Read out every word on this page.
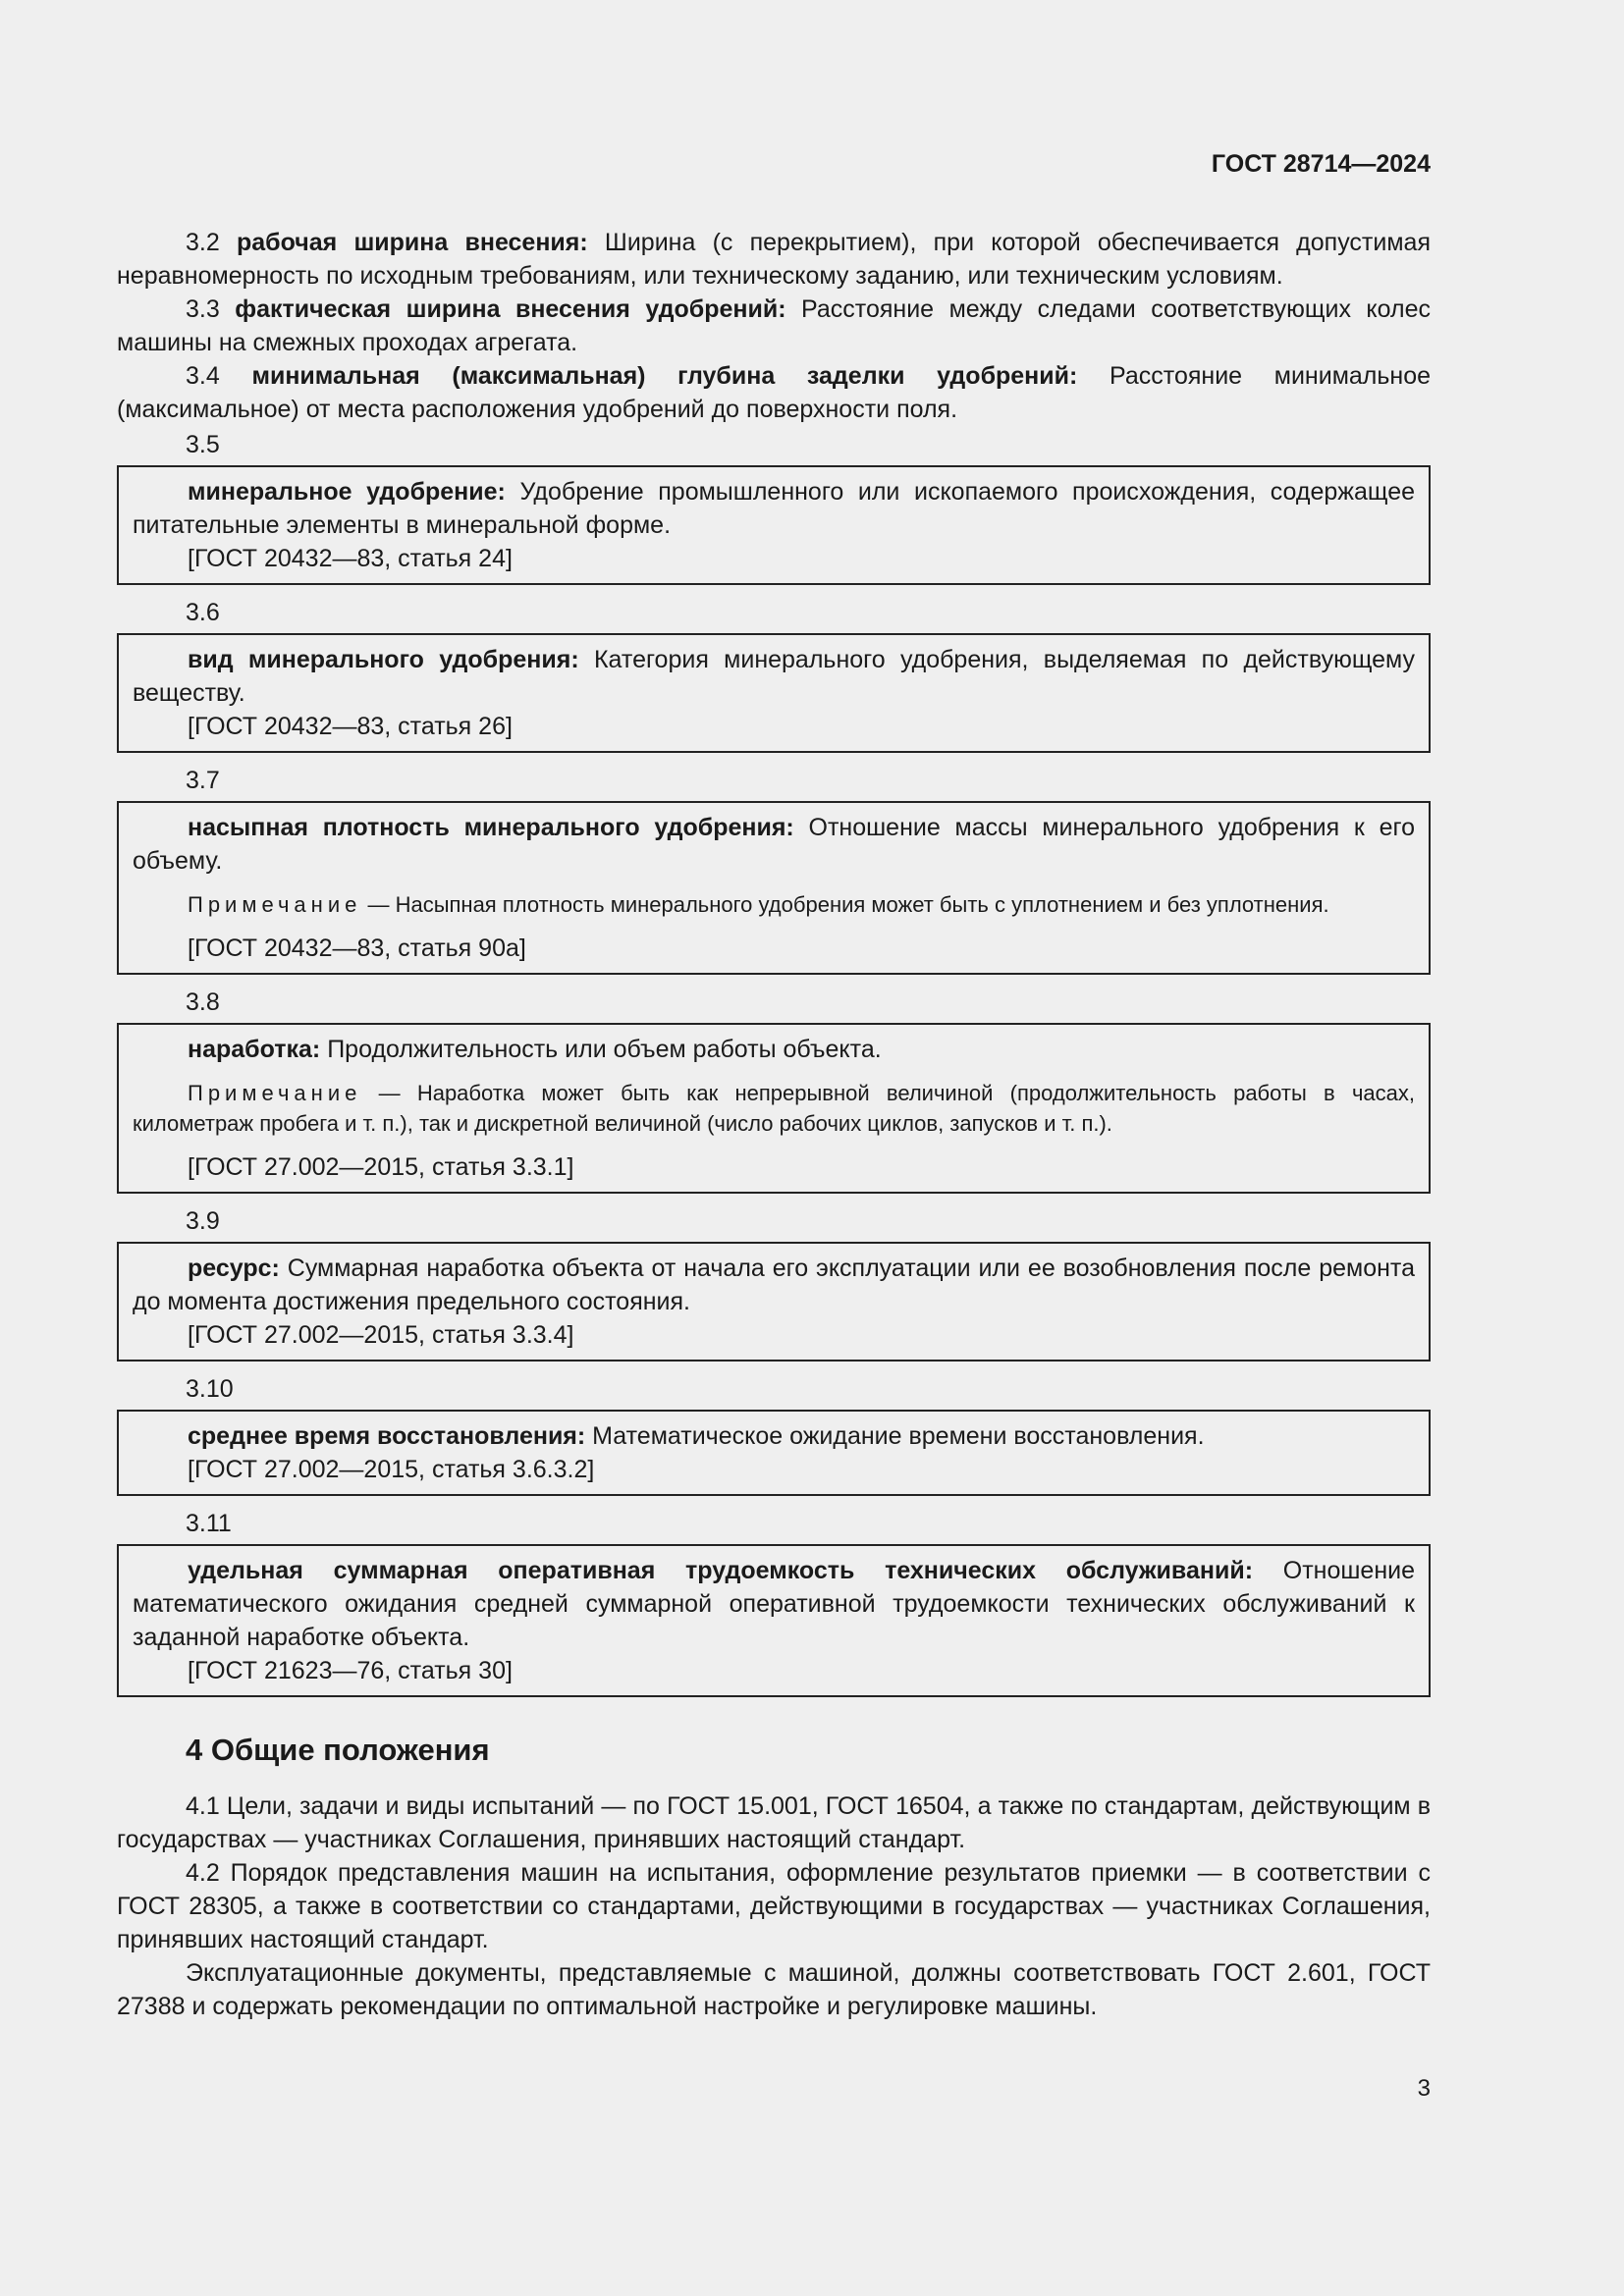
ГОСТ 28714—2024

3.2 рабочая ширина внесения: Ширина (с перекрытием), при которой обеспечивается допустимая неравномерность по исходным требованиям, или техническому заданию, или техническим условиям.

3.3 фактическая ширина внесения удобрений: Расстояние между следами соответствующих колес машины на смежных проходах агрегата.

3.4 минимальная (максимальная) глубина заделки удобрений: Расстояние минимальное (максимальное) от места расположения удобрений до поверхности поля.

3.5

минеральное удобрение: Удобрение промышленного или ископаемого происхождения, содержащее питательные элементы в минеральной форме.

[ГОСТ 20432—83, статья 24]

3.6

вид минерального удобрения: Категория минерального удобрения, выделяемая по действующему веществу.

[ГОСТ 20432—83, статья 26]

3.7

насыпная плотность минерального удобрения: Отношение массы минерального удобрения к его объему.

Примечание — Насыпная плотность минерального удобрения может быть с уплотнением и без уплотнения.

[ГОСТ 20432—83, статья 90а]

3.8

наработка: Продолжительность или объем работы объекта.

Примечание — Наработка может быть как непрерывной величиной (продолжительность работы в часах, километраж пробега и т. п.), так и дискретной величиной (число рабочих циклов, запусков и т. п.).

[ГОСТ 27.002—2015, статья 3.3.1]

3.9

ресурс: Суммарная наработка объекта от начала его эксплуатации или ее возобновления после ремонта до момента достижения предельного состояния.

[ГОСТ 27.002—2015, статья 3.3.4]

3.10

среднее время восстановления: Математическое ожидание времени восстановления.

[ГОСТ 27.002—2015, статья 3.6.3.2]

3.11

удельная суммарная оперативная трудоемкость технических обслуживаний: Отношение математического ожидания средней суммарной оперативной трудоемкости технических обслуживаний к заданной наработке объекта.

[ГОСТ 21623—76, статья 30]

4 Общие положения

4.1 Цели, задачи и виды испытаний — по ГОСТ 15.001, ГОСТ 16504, а также по стандартам, действующим в государствах — участниках Соглашения, принявших настоящий стандарт.

4.2 Порядок представления машин на испытания, оформление результатов приемки — в соответствии с ГОСТ 28305, а также в соответствии со стандартами, действующими в государствах — участниках Соглашения, принявших настоящий стандарт.

Эксплуатационные документы, представляемые с машиной, должны соответствовать ГОСТ 2.601, ГОСТ 27388 и содержать рекомендации по оптимальной настройке и регулировке машины.

3
